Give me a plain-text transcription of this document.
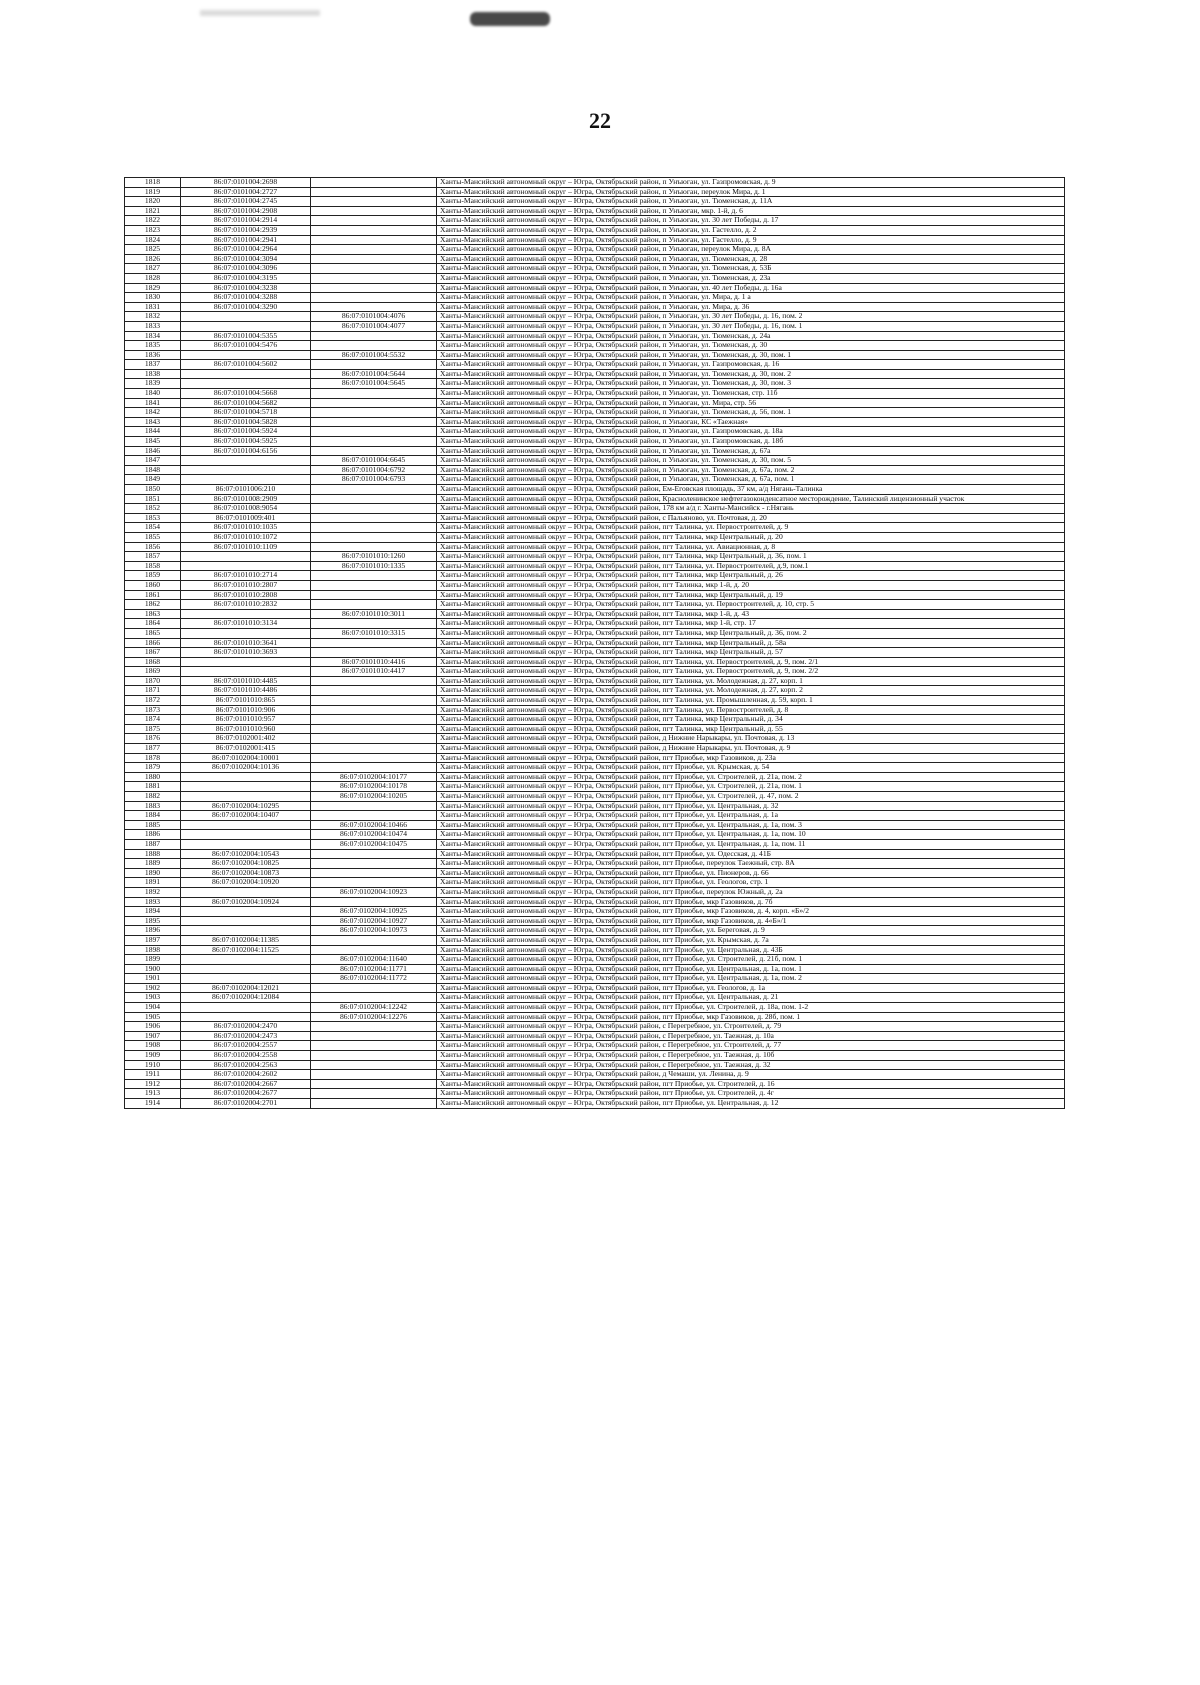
22
1818	86:07:0101004:2698		Ханты-Мансийский автономный округ – Югра, Октябрьский район, п Унъюган, ул. Газпромовская, д. 9
1819	86:07:0101004:2727		Ханты-Мансийский автономный округ – Югра, Октябрьский район, п Унъюган, переулок Мира, д. 1
1820	86:07:0101004:2745		Ханты-Мансийский автономный округ – Югра, Октябрьский район, п Унъюган, ул. Тюменская, д. 11А
1821	86:07:0101004:2908		Ханты-Мансийский автономный округ – Югра, Октябрьский район, п Унъюган, мкр. 1-й, д. 6
1822	86:07:0101004:2914		Ханты-Мансийский автономный округ – Югра, Октябрьский район, п Унъюган, ул. 30 лет Победы, д. 17
1823	86:07:0101004:2939		Ханты-Мансийский автономный округ – Югра, Октябрьский район, п Унъюган, ул. Гастелло, д. 2
1824	86:07:0101004:2941		Ханты-Мансийский автономный округ – Югра, Октябрьский район, п Унъюган, ул. Гастелло, д. 9
1825	86:07:0101004:2964		Ханты-Мансийский автономный округ – Югра, Октябрьский район, п Унъюган, переулок Мира, д. 8А
1826	86:07:0101004:3094		Ханты-Мансийский автономный округ – Югра, Октябрьский район, п Унъюган, ул. Тюменская, д. 28
1827	86:07:0101004:3096		Ханты-Мансийский автономный округ – Югра, Октябрьский район, п Унъюган, ул. Тюменская, д. 53Б
1828	86:07:0101004:3195		Ханты-Мансийский автономный округ – Югра, Октябрьский район, п Унъюган, ул. Тюменская, д. 23а
1829	86:07:0101004:3238		Ханты-Мансийский автономный округ – Югра, Октябрьский район, п Унъюган, ул. 40 лет Победы, д. 16а
1830	86:07:0101004:3288		Ханты-Мансийский автономный округ – Югра, Октябрьский район, п Унъюган, ул. Мира, д. 1 а
1831	86:07:0101004:3290		Ханты-Мансийский автономный округ – Югра, Октябрьский район, п Унъюган, ул. Мира, д. 36
1832		86:07:0101004:4076	Ханты-Мансийский автономный округ – Югра, Октябрьский район, п Унъюган, ул. 30 лет Победы, д. 16, пом. 2
1833		86:07:0101004:4077	Ханты-Мансийский автономный округ – Югра, Октябрьский район, п Унъюган, ул. 30 лет Победы, д. 16, пом. 1
1834	86:07:0101004:5355		Ханты-Мансийский автономный округ – Югра, Октябрьский район, п Унъюган, ул. Тюменская, д. 24а
1835	86:07:0101004:5476		Ханты-Мансийский автономный округ – Югра, Октябрьский район, п Унъюган, ул. Тюменская, д. 30
1836		86:07:0101004:5532	Ханты-Мансийский автономный округ – Югра, Октябрьский район, п Унъюган, ул. Тюменская, д. 30, пом. 1
1837	86:07:0101004:5602		Ханты-Мансийский автономный округ – Югра, Октябрьский район, п Унъюган, ул. Газпромовская, д. 16
1838		86:07:0101004:5644	Ханты-Мансийский автономный округ – Югра, Октябрьский район, п Унъюган, ул. Тюменская, д. 30, пом. 2
1839		86:07:0101004:5645	Ханты-Мансийский автономный округ – Югра, Октябрьский район, п Унъюган, ул. Тюменская, д. 30, пом. 3
1840	86:07:0101004:5668		Ханты-Мансийский автономный округ – Югра, Октябрьский район, п Унъюган, ул. Тюменская, стр. 11б
1841	86:07:0101004:5682		Ханты-Мансийский автономный округ – Югра, Октябрьский район, п Унъюган, ул. Мира, стр. 56
1842	86:07:0101004:5718		Ханты-Мансийский автономный округ – Югра, Октябрьский район, п Унъюган, ул. Тюменская, д. 56, пом. 1
1843	86:07:0101004:5828		Ханты-Мансийский автономный округ – Югра, Октябрьский район, п Унъюган, КС «Таежная»
1844	86:07:0101004:5924		Ханты-Мансийский автономный округ – Югра, Октябрьский район, п Унъюган, ул. Газпромовская, д. 18а
1845	86:07:0101004:5925		Ханты-Мансийский автономный округ – Югра, Октябрьский район, п Унъюган, ул. Газпромовская, д. 18б
1846	86:07:0101004:6156		Ханты-Мансийский автономный округ – Югра, Октябрьский район, п Унъюган, ул. Тюменская, д. 67а
1847		86:07:0101004:6645	Ханты-Мансийский автономный округ – Югра, Октябрьский район, п Унъюган, ул. Тюменская, д. 30, пом. 5
1848		86:07:0101004:6792	Ханты-Мансийский автономный округ – Югра, Октябрьский район, п Унъюган, ул. Тюменская, д. 67а, пом. 2
1849		86:07:0101004:6793	Ханты-Мансийский автономный округ – Югра, Октябрьский район, п Унъюган, ул. Тюменская, д. 67а, пом. 1
1850	86:07:0101006:210		Ханты-Мансийский автономный округ – Югра, Октябрьский район, Ем-Еговская площадь, 37 км, а/д Нягань-Талинка
1851	86:07:0101008:2909		Ханты-Мансийский автономный округ – Югра, Октябрьский район, Красноленинское нефтегазоконденсатное месторождение, Талинский лицензионный участок
1852	86:07:0101008:9054		Ханты-Мансийский автономный округ – Югра, Октябрьский район, 178 км а/д г. Ханты-Мансийск - г.Нягань
1853	86:07:0101009:401		Ханты-Мансийский автономный округ – Югра, Октябрьский район, с Пальяново, ул. Почтовая, д. 20
1854	86:07:0101010:1035		Ханты-Мансийский автономный округ – Югра, Октябрьский район, пгт Талинка, ул. Первостроителей, д. 9
1855	86:07:0101010:1072		Ханты-Мансийский автономный округ – Югра, Октябрьский район, пгт Талинка, мкр Центральный, д. 20
1856	86:07:0101010:1109		Ханты-Мансийский автономный округ – Югра, Октябрьский район, пгт Талинка, ул. Авиационная, д. 8
1857		86:07:0101010:1260	Ханты-Мансийский автономный округ – Югра, Октябрьский район, пгт Талинка, мкр Центральный, д. 36, пом. 1
1858		86:07:0101010:1335	Ханты-Мансийский автономный округ – Югра, Октябрьский район, пгт Талинка, ул. Первостроителей, д.9, пом.1
1859	86:07:0101010:2714		Ханты-Мансийский автономный округ – Югра, Октябрьский район, пгт Талинка, мкр Центральный, д. 26
1860	86:07:0101010:2807		Ханты-Мансийский автономный округ – Югра, Октябрьский район, пгт Талинка, мкр 1-й, д. 20
1861	86:07:0101010:2808		Ханты-Мансийский автономный округ – Югра, Октябрьский район, пгт Талинка, мкр Центральный, д. 19
1862	86:07:0101010:2832		Ханты-Мансийский автономный округ – Югра, Октябрьский район, пгт Талинка, ул. Первостроителей, д. 10, стр. 5
1863		86:07:0101010:3011	Ханты-Мансийский автономный округ – Югра, Октябрьский район, пгт Талинка, мкр 1-й, д. 43
1864	86:07:0101010:3134		Ханты-Мансийский автономный округ – Югра, Октябрьский район, пгт Талинка, мкр 1-й, стр. 17
1865		86:07:0101010:3315	Ханты-Мансийский автономный округ – Югра, Октябрьский район, пгт Талинка, мкр Центральный, д. 36, пом. 2
1866	86:07:0101010:3641		Ханты-Мансийский автономный округ – Югра, Октябрьский район, пгт Талинка, мкр Центральный, д. 58а
1867	86:07:0101010:3693		Ханты-Мансийский автономный округ – Югра, Октябрьский район, пгт Талинка, мкр Центральный, д. 57
1868		86:07:0101010:4416	Ханты-Мансийский автономный округ – Югра, Октябрьский район, пгт Талинка, ул. Первостроителей, д. 9, пом. 2/1
1869		86:07:0101010:4417	Ханты-Мансийский автономный округ – Югра, Октябрьский район, пгт Талинка, ул. Первостроителей, д. 9, пом. 2/2
1870	86:07:0101010:4485		Ханты-Мансийский автономный округ – Югра, Октябрьский район, пгт Талинка, ул. Молодежная, д. 27, корп. 1
1871	86:07:0101010:4486		Ханты-Мансийский автономный округ – Югра, Октябрьский район, пгт Талинка, ул. Молодежная, д. 27, корп. 2
1872	86:07:0101010:865		Ханты-Мансийский автономный округ – Югра, Октябрьский район, пгт Талинка, ул. Промышленная, д. 59, корп. 1
1873	86:07:0101010:906		Ханты-Мансийский автономный округ – Югра, Октябрьский район, пгт Талинка, ул. Первостроителей, д. 8
1874	86:07:0101010:957		Ханты-Мансийский автономный округ – Югра, Октябрьский район, пгт Талинка, мкр Центральный, д. 34
1875	86:07:0101010:960		Ханты-Мансийский автономный округ – Югра, Октябрьский район, пгт Талинка, мкр Центральный, д. 55
1876	86:07:0102001:402		Ханты-Мансийский автономный округ – Югра, Октябрьский район, д Нижние Нарыкары, ул. Почтовая, д. 13
1877	86:07:0102001:415		Ханты-Мансийский автономный округ – Югра, Октябрьский район, д Нижние Нарыкары, ул. Почтовая, д. 9
1878	86:07:0102004:10001		Ханты-Мансийский автономный округ – Югра, Октябрьский район, пгт Приобье, мкр Газовиков, д. 23а
1879	86:07:0102004:10136		Ханты-Мансийский автономный округ – Югра, Октябрьский район, пгт Приобье, ул. Крымская, д. 54
1880		86:07:0102004:10177	Ханты-Мансийский автономный округ – Югра, Октябрьский район, пгт Приобье, ул. Строителей, д. 21а, пом. 2
1881		86:07:0102004:10178	Ханты-Мансийский автономный округ – Югра, Октябрьский район, пгт Приобье, ул. Строителей, д. 21а, пом. 1
1882		86:07:0102004:10205	Ханты-Мансийский автономный округ – Югра, Октябрьский район, пгт Приобье, ул. Строителей, д. 47, пом. 2
1883	86:07:0102004:10295		Ханты-Мансийский автономный округ – Югра, Октябрьский район, пгт Приобье, ул. Центральная, д. 32
1884	86:07:0102004:10407		Ханты-Мансийский автономный округ – Югра, Октябрьский район, пгт Приобье, ул. Центральная, д. 1а
1885		86:07:0102004:10466	Ханты-Мансийский автономный округ – Югра, Октябрьский район, пгт Приобье, ул. Центральная, д. 1а, пом. 3
1886		86:07:0102004:10474	Ханты-Мансийский автономный округ – Югра, Октябрьский район, пгт Приобье, ул. Центральная, д. 1а, пом. 10
1887		86:07:0102004:10475	Ханты-Мансийский автономный округ – Югра, Октябрьский район, пгт Приобье, ул. Центральная, д. 1а, пом. 11
1888	86:07:0102004:10543		Ханты-Мансийский автономный округ – Югра, Октябрьский район, пгт Приобье, ул. Одесская, д. 41Б
1889	86:07:0102004:10825		Ханты-Мансийский автономный округ – Югра, Октябрьский район, пгт Приобье, переулок Таежный, стр. 8А
1890	86:07:0102004:10873		Ханты-Мансийский автономный округ – Югра, Октябрьский район, пгт Приобье, ул. Пионеров, д. 66
1891	86:07:0102004:10920		Ханты-Мансийский автономный округ – Югра, Октябрьский район, пгт Приобье, ул. Геологов, стр. 1
1892		86:07:0102004:10923	Ханты-Мансийский автономный округ – Югра, Октябрьский район, пгт Приобье, переулок Южный, д. 2а
1893	86:07:0102004:10924		Ханты-Мансийский автономный округ – Югра, Октябрьский район, пгт Приобье, мкр Газовиков, д. 7б
1894		86:07:0102004:10925	Ханты-Мансийский автономный округ – Югра, Октябрьский район, пгт Приобье, мкр Газовиков, д. 4, корп. «Б»/2
1895		86:07:0102004:10927	Ханты-Мансийский автономный округ – Югра, Октябрьский район, пгт Приобье, мкр Газовиков, д. 4«Б»/1
1896		86:07:0102004:10973	Ханты-Мансийский автономный округ – Югра, Октябрьский район, пгт Приобье, ул. Береговая, д. 9
1897	86:07:0102004:11385		Ханты-Мансийский автономный округ – Югра, Октябрьский район, пгт Приобье, ул. Крымская, д. 7а
1898	86:07:0102004:11525		Ханты-Мансийский автономный округ – Югра, Октябрьский район, пгт Приобье, ул. Центральная, д. 43Б
1899		86:07:0102004:11640	Ханты-Мансийский автономный округ – Югра, Октябрьский район, пгт Приобье, ул. Строителей, д. 21б, пом. 1
1900		86:07:0102004:11771	Ханты-Мансийский автономный округ – Югра, Октябрьский район, пгт Приобье, ул. Центральная, д. 1а, пом. 1
1901		86:07:0102004:11772	Ханты-Мансийский автономный округ – Югра, Октябрьский район, пгт Приобье, ул. Центральная, д. 1а, пом. 2
1902	86:07:0102004:12021		Ханты-Мансийский автономный округ – Югра, Октябрьский район, пгт Приобье, ул. Геологов, д. 1а
1903	86:07:0102004:12084		Ханты-Мансийский автономный округ – Югра, Октябрьский район, пгт Приобье, ул. Центральная, д. 21
1904		86:07:0102004:12242	Ханты-Мансийский автономный округ – Югра, Октябрьский район, пгт Приобье, ул. Строителей, д. 18а, пом. 1-2
1905		86:07:0102004:12276	Ханты-Мансийский автономный округ – Югра, Октябрьский район, пгт Приобье, мкр Газовиков, д. 28б, пом. 1
1906	86:07:0102004:2470		Ханты-Мансийский автономный округ – Югра, Октябрьский район, с Перегребное, ул. Строителей, д. 79
1907	86:07:0102004:2473		Ханты-Мансийский автономный округ – Югра, Октябрьский район, с Перегребное, ул. Таежная, д. 10а
1908	86:07:0102004:2557		Ханты-Мансийский автономный округ – Югра, Октябрьский район, с Перегребное, ул. Строителей, д. 77
1909	86:07:0102004:2558		Ханты-Мансийский автономный округ – Югра, Октябрьский район, с Перегребное, ул. Таежная, д. 10б
1910	86:07:0102004:2563		Ханты-Мансийский автономный округ – Югра, Октябрьский район, с Перегребное, ул. Таежная, д. 32
1911	86:07:0102004:2602		Ханты-Мансийский автономный округ – Югра, Октябрьский район, д Чемаши, ул. Ленина, д. 9
1912	86:07:0102004:2667		Ханты-Мансийский автономный округ – Югра, Октябрьский район, пгт Приобье, ул. Строителей, д. 16
1913	86:07:0102004:2677		Ханты-Мансийский автономный округ – Югра, Октябрьский район, пгт Приобье, ул. Строителей, д. 4г
1914	86:07:0102004:2701		Ханты-Мансийский автономный округ – Югра, Октябрьский район, пгт Приобье, ул. Центральная, д. 12
